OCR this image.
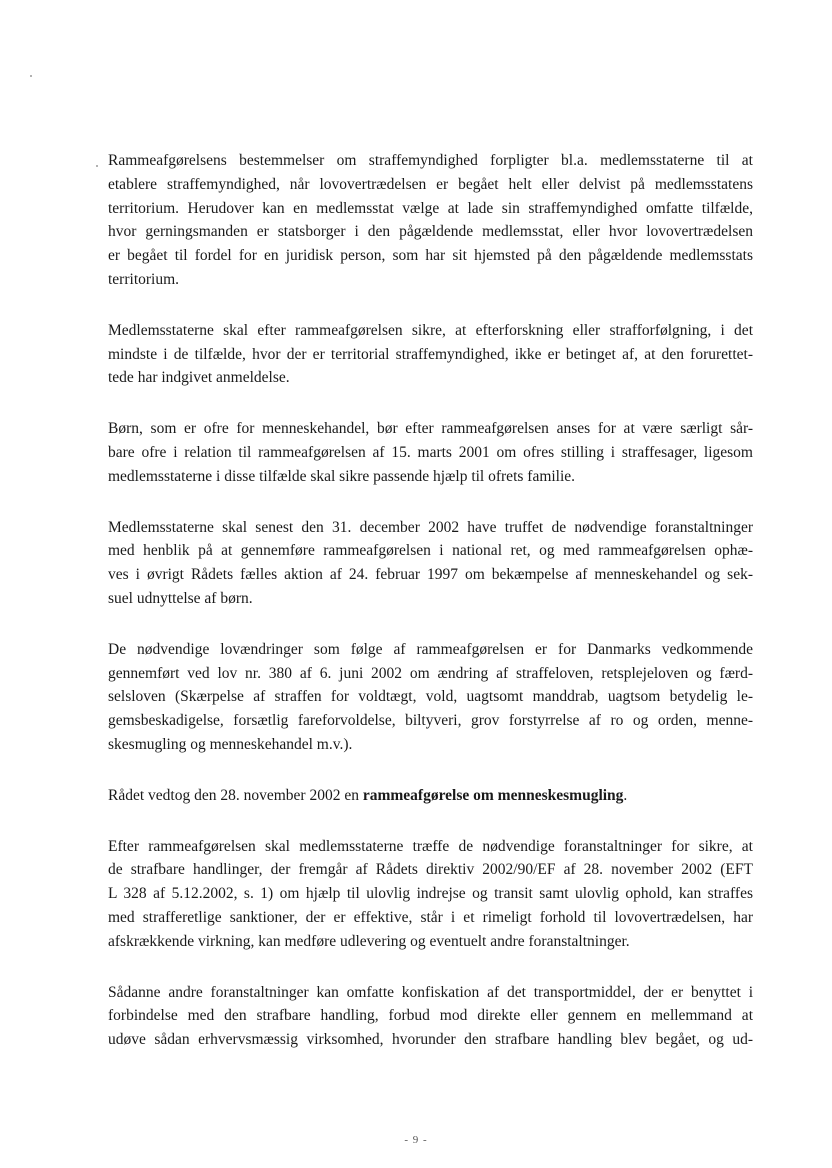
Rammeafgørelsens bestemmelser om straffemyndighed forpligter bl.a. medlemsstaterne til at
etablere straffemyndighed, når lovovertrædelsen er begået helt eller delvist på medlemsstatens
territorium. Herudover kan en medlemsstat vælge at lade sin straffemyndighed omfatte tilfælde,
hvor gerningsmanden er statsborger i den pågældende medlemsstat, eller hvor lovovertrædelsen
er begået til fordel for en juridisk person, som har sit hjemsted på den pågældende medlemsstats
territorium.

Medlemsstaterne skal efter rammeafgørelsen sikre, at efterforskning eller strafforfølgning, i det
mindste i de tilfælde, hvor der er territorial straffemyndighed, ikke er betinget af, at den forurettet-
tede har indgivet anmeldelse.

Børn, som er ofre for menneskehandel, bør efter rammeafgørelsen anses for at være særligt sår-
bare ofre i relation til rammeafgørelsen af 15. marts 2001 om ofres stilling i straffesager, ligesom
medlemsstaterne i disse tilfælde skal sikre passende hjælp til ofrets familie.

Medlemsstaterne skal senest den 31. december 2002 have truffet de nødvendige foranstaltninger
med henblik på at gennemføre rammeafgørelsen i national ret, og med rammeafgørelsen ophæ-
ves i øvrigt Rådets fælles aktion af 24. februar 1997 om bekæmpelse af menneskehandel og sek-
suel udnyttelse af børn.

De nødvendige lovændringer som følge af rammeafgørelsen er for Danmarks vedkommende
gennemført ved lov nr. 380 af 6. juni 2002 om ændring af straffeloven, retsplejeloven og færd-
selsloven (Skærpelse af straffen for voldtægt, vold, uagtsomt manddrab, uagtsom betydelig le-
gemsbeskadigelse, forsætlig fareforvoldelse, biltyveri, grov forstyrrelse af ro og orden, menne-
skesmugling og menneskehandel m.v.).

Rådet vedtog den 28. november 2002 en rammeafgørelse om menneskesmugling.

Efter rammeafgørelsen skal medlemsstaterne træffe de nødvendige foranstaltninger for sikre, at
de strafbare handlinger, der fremgår af Rådets direktiv 2002/90/EF af 28. november 2002 (EFT
L 328 af 5.12.2002, s. 1) om hjælp til ulovlig indrejse og transit samt ulovlig ophold, kan straffes
med strafferetlige sanktioner, der er effektive, står i et rimeligt forhold til lovovertrædelsen, har
afskrækkende virkning, kan medføre udlevering og eventuelt andre foranstaltninger.

Sådanne andre foranstaltninger kan omfatte konfiskation af det transportmiddel, der er benyttet i
forbindelse med den strafbare handling, forbud mod direkte eller gennem en mellemmand at
udøve sådan erhvervsmæssig virksomhed, hvorunder den strafbare handling blev begået, og ud-

- 9 -
